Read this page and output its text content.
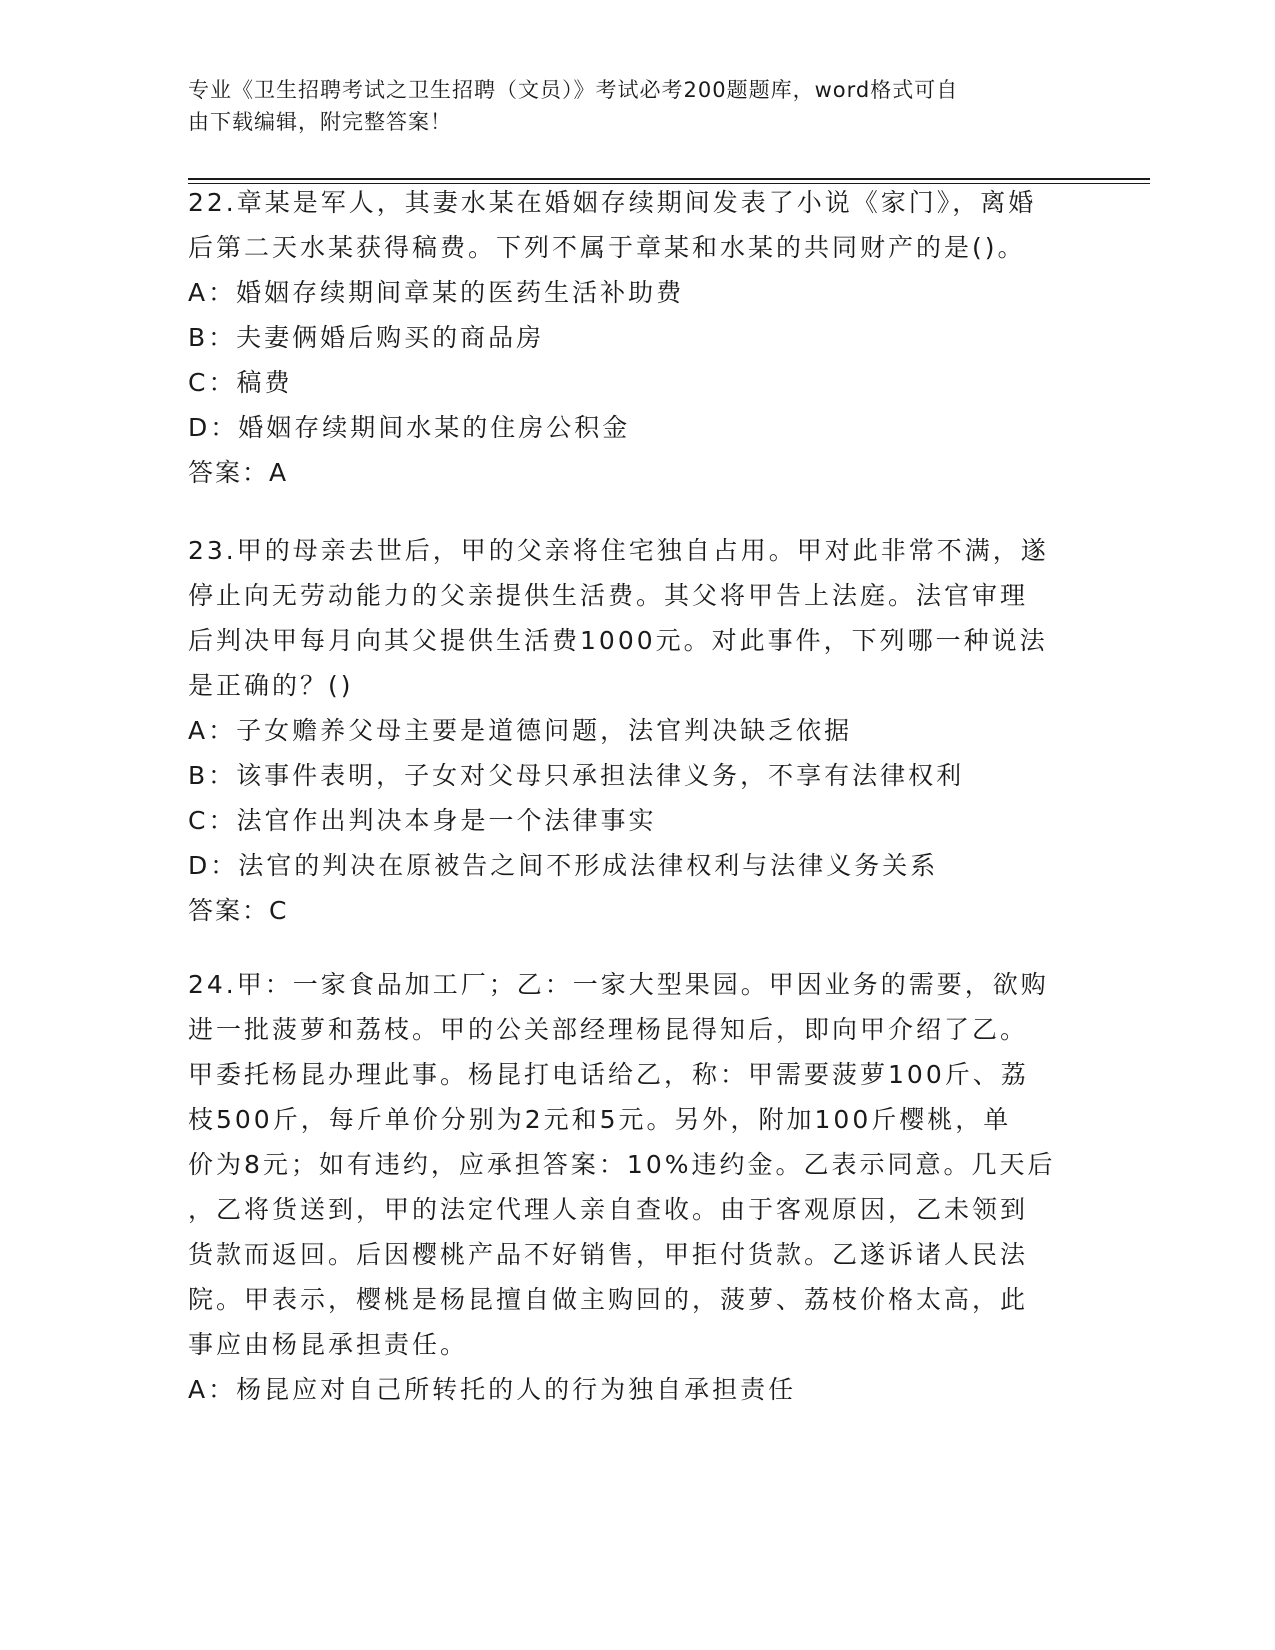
专业《卫生招聘考试之卫生招聘（文员）》考试必考200题题库，word格式可自
由下载编辑，附完整答案！
22.章某是军人，其妻水某在婚姻存续期间发表了小说《家门》，离婚
后第二天水某获得稿费。下列不属于章某和水某的共同财产的是()。
A：婚姻存续期间章某的医药生活补助费
B：夫妻俩婚后购买的商品房
C：稿费
D：婚姻存续期间水某的住房公积金
答案：A
23.甲的母亲去世后，甲的父亲将住宅独自占用。甲对此非常不满，遂
停止向无劳动能力的父亲提供生活费。其父将甲告上法庭。法官审理
后判决甲每月向其父提供生活费1000元。对此事件，下列哪一种说法
是正确的？()
A：子女赡养父母主要是道德问题，法官判决缺乏依据
B：该事件表明，子女对父母只承担法律义务，不享有法律权利
C：法官作出判决本身是一个法律事实
D：法官的判决在原被告之间不形成法律权利与法律义务关系
答案：C
24.甲：一家食品加工厂；乙：一家大型果园。甲因业务的需要，欲购
进一批菠萝和荔枝。甲的公关部经理杨昆得知后，即向甲介绍了乙。
甲委托杨昆办理此事。杨昆打电话给乙，称：甲需要菠萝100斤、荔
枝500斤，每斤单价分别为2元和5元。另外，附加100斤樱桃，单
价为8元；如有违约，应承担答案：10%违约金。乙表示同意。几天后
，乙将货送到，甲的法定代理人亲自查收。由于客观原因，乙未领到
货款而返回。后因樱桃产品不好销售，甲拒付货款。乙遂诉诸人民法
院。甲表示，樱桃是杨昆擅自做主购回的，菠萝、荔枝价格太高，此
事应由杨昆承担责任。
A：杨昆应对自己所转托的人的行为独自承担责任
